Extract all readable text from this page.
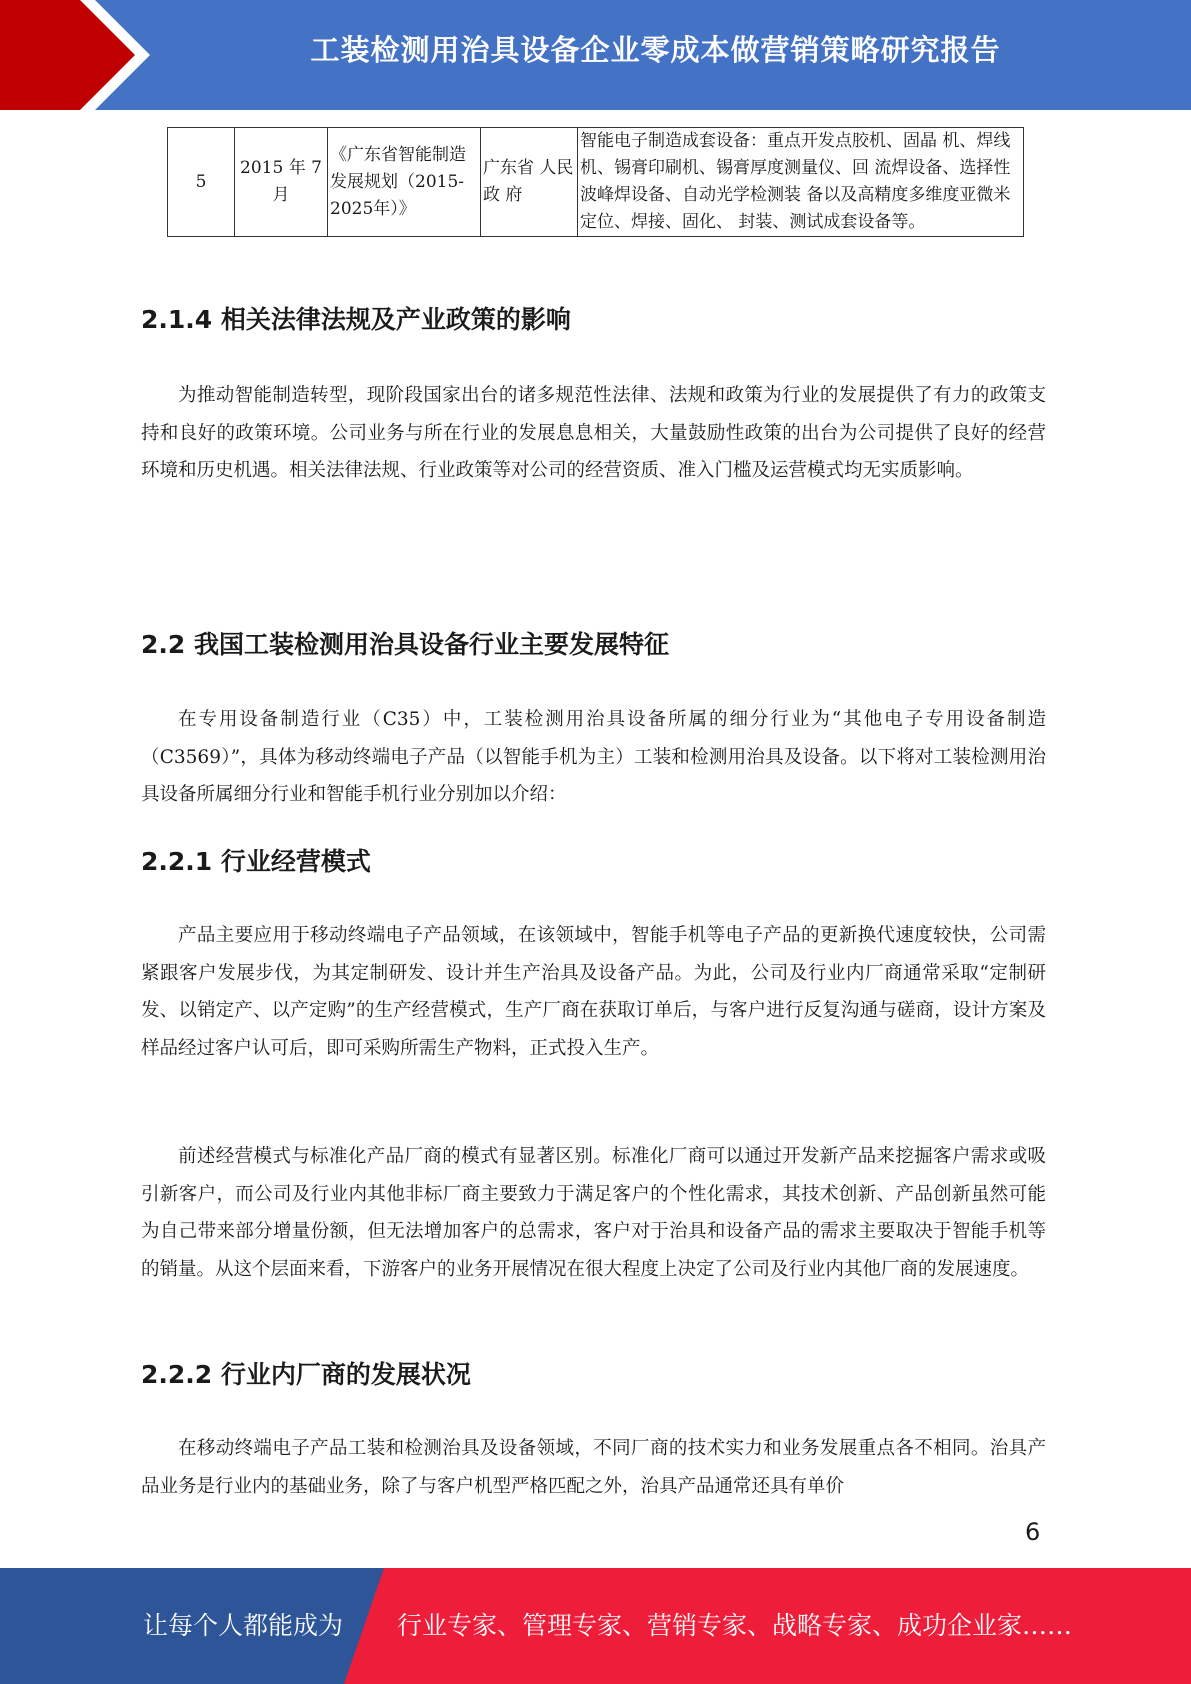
工装检测用治具设备企业零成本做营销策略研究报告
5	2015 年 7月	《广东省智能制造发展规划（2015-2025年）》	广东省 人民政 府	智能电子制造成套设备：重点开发点胶机、固晶 机、焊线机、锡膏印刷机、锡膏厚度测量仪、回 流焊设备、选择性波峰焊设备、自动光学检测装 备以及高精度多维度亚微米定位、焊接、固化、 封装、测试成套设备等。
2.1.4 相关法律法规及产业政策的影响

为推动智能制造转型，现阶段国家出台的诸多规范性法律、法规和政策为行业的发展提供了有力的政策支持和良好的政策环境。公司业务与所在行业的发展息息相关，大量鼓励性政策的出台为公司提供了良好的经营环境和历史机遇。相关法律法规、行业政策等对公司的经营资质、准入门槛及运营模式均无实质影响。

2.2 我国工装检测用治具设备行业主要发展特征

在专用设备制造行业（C35）中，工装检测用治具设备所属的细分行业为“其他电子专用设备制造（C3569）”，具体为移动终端电子产品（以智能手机为主）工装和检测用治具及设备。以下将对工装检测用治具设备所属细分行业和智能手机行业分别加以介绍：

2.2.1 行业经营模式

产品主要应用于移动终端电子产品领域，在该领域中，智能手机等电子产品的更新换代速度较快，公司需紧跟客户发展步伐，为其定制研发、设计并生产治具及设备产品。为此，公司及行业内厂商通常采取“定制研发、以销定产、以产定购”的生产经营模式，生产厂商在获取订单后，与客户进行反复沟通与磋商，设计方案及样品经过客户认可后，即可采购所需生产物料，正式投入生产。

前述经营模式与标准化产品厂商的模式有显著区别。标准化厂商可以通过开发新产品来挖掘客户需求或吸引新客户，而公司及行业内其他非标厂商主要致力于满足客户的个性化需求，其技术创新、产品创新虽然可能为自己带来部分增量份额，但无法增加客户的总需求，客户对于治具和设备产品的需求主要取决于智能手机等的销量。从这个层面来看，下游客户的业务开展情况在很大程度上决定了公司及行业内其他厂商的发展速度。

2.2.2 行业内厂商的发展状况

在移动终端电子产品工装和检测治具及设备领域，不同厂商的技术实力和业务发展重点各不相同。治具产品业务是行业内的基础业务，除了与客户机型严格匹配之外，治具产品通常还具有单价

6
让每个人都能成为 行业专家、管理专家、营销专家、战略专家、成功企业家……
